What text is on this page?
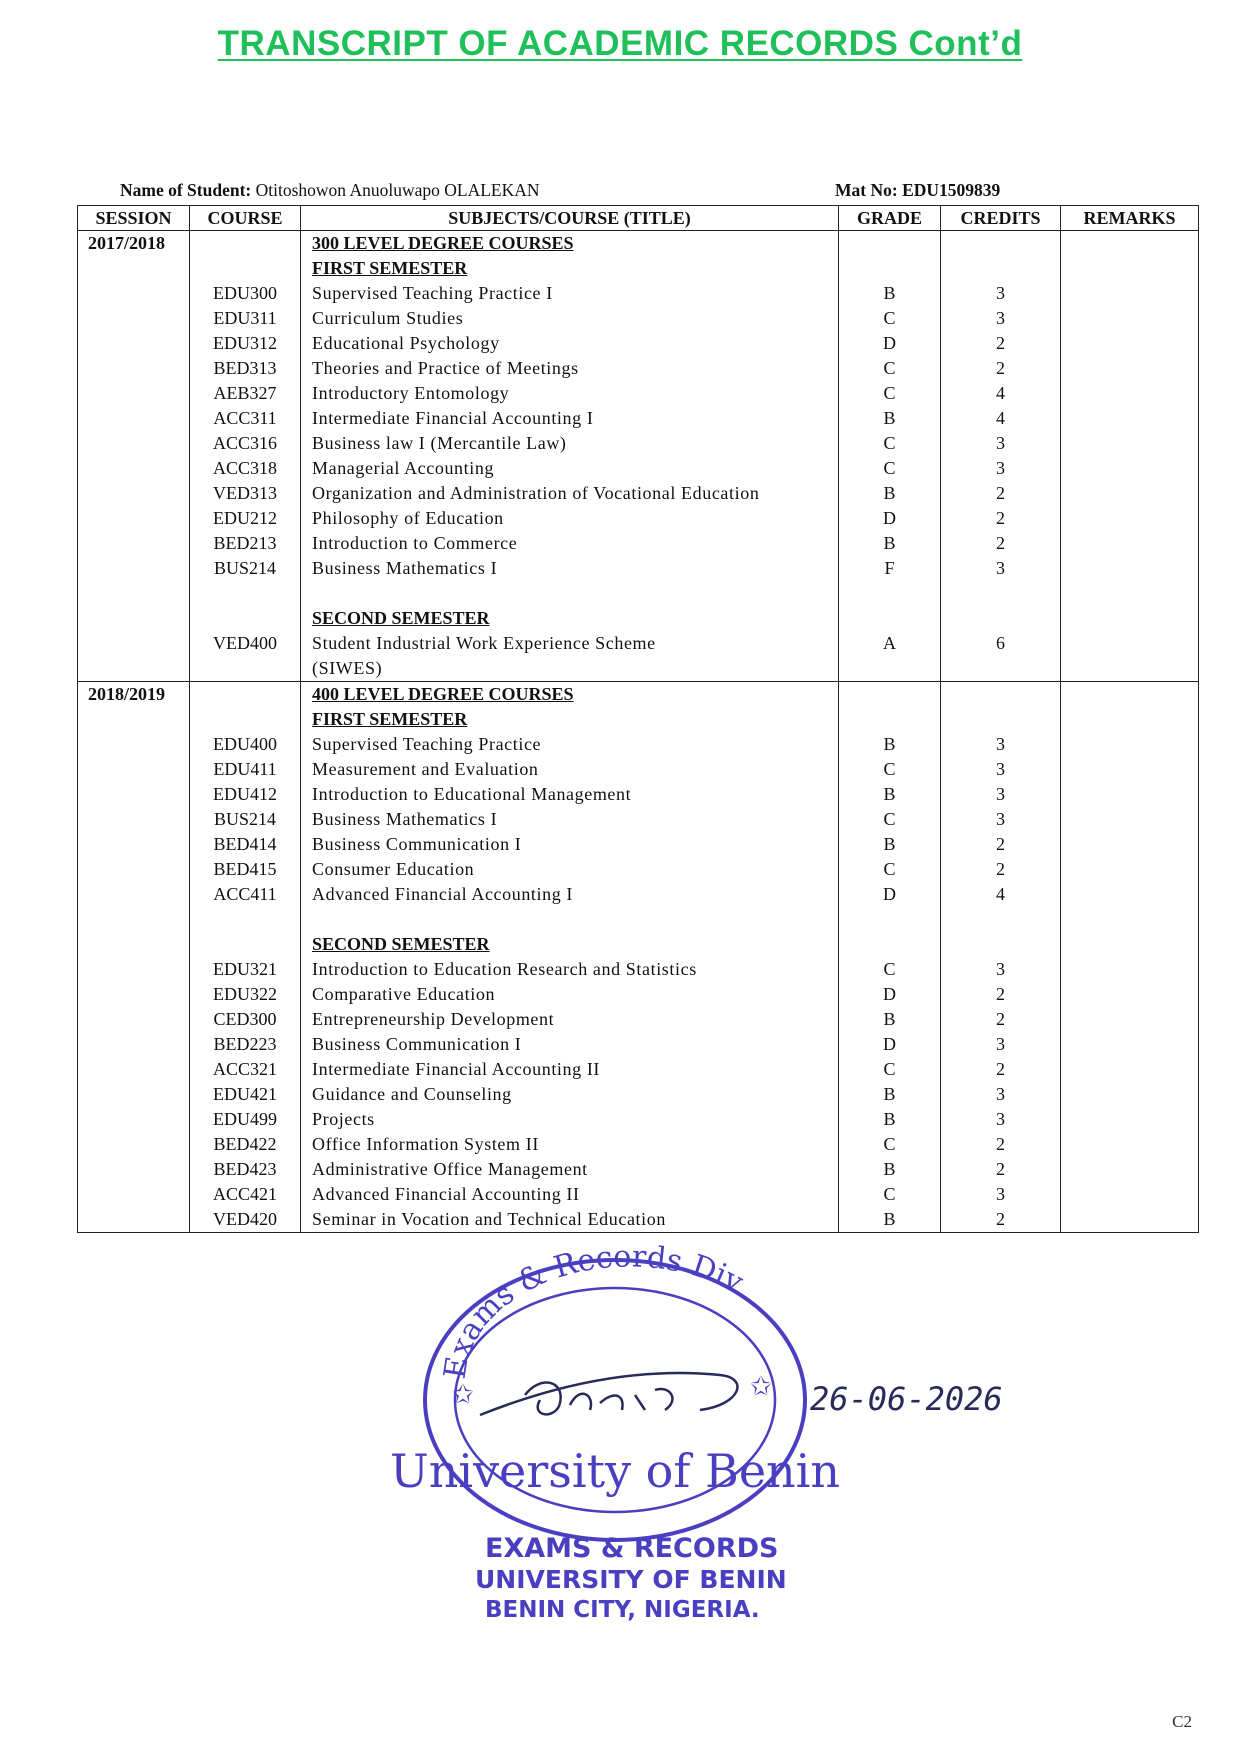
TRANSCRIPT OF ACADEMIC RECORDS Cont’d
Name of Student: Otitoshowon Anuoluwapo OLALEKAN	Mat No: EDU1509839
SESSION	COURSE	SUBJECTS/COURSE (TITLE)	GRADE	CREDITS	REMARKS
2017/2018		300 LEVEL DEGREE COURSES			
		FIRST SEMESTER			
	EDU300	Supervised Teaching Practice I	B	3	
	EDU311	Curriculum Studies	C	3	
	EDU312	Educational Psychology	D	2	
	BED313	Theories and Practice of Meetings	C	2	
	AEB327	Introductory Entomology	C	4	
	ACC311	Intermediate Financial Accounting I	B	4	
	ACC316	Business law I (Mercantile Law)	C	3	
	ACC318	Managerial Accounting	C	3	
	VED313	Organization and Administration of Vocational Education	B	2	
	EDU212	Philosophy of Education	D	2	
	BED213	Introduction to Commerce	B	2	
	BUS214	Business Mathematics I	F	3	

		SECOND SEMESTER			
	VED400	Student Industrial Work Experience Scheme	A	6	
		(SIWES)			
2018/2019		400 LEVEL DEGREE COURSES			
		FIRST SEMESTER			
	EDU400	Supervised Teaching Practice	B	3	
	EDU411	Measurement and Evaluation	C	3	
	EDU412	Introduction to Educational Management	B	3	
	BUS214	Business Mathematics I	C	3	
	BED414	Business Communication I	B	2	
	BED415	Consumer Education	C	2	
	ACC411	Advanced Financial Accounting I	D	4	

		SECOND SEMESTER			
	EDU321	Introduction to Education Research and Statistics	C	3	
	EDU322	Comparative Education	D	2	
	CED300	Entrepreneurship Development	B	2	
	BED223	Business Communication I	D	3	
	ACC321	Intermediate Financial Accounting II	C	2	
	EDU421	Guidance and Counseling	B	3	
	EDU499	Projects	B	3	
	BED422	Office Information System II	C	2	
	BED423	Administrative Office Management	B	2	
	ACC421	Advanced Financial Accounting II	C	3	
	VED420	Seminar in Vocation and Technical Education	B	2	
Exams & Records Div
✩	✩
University of Benin
26-06-2026
EXAMS & RECORDS
UNIVERSITY OF BENIN
BENIN CITY, NIGERIA.
C2
